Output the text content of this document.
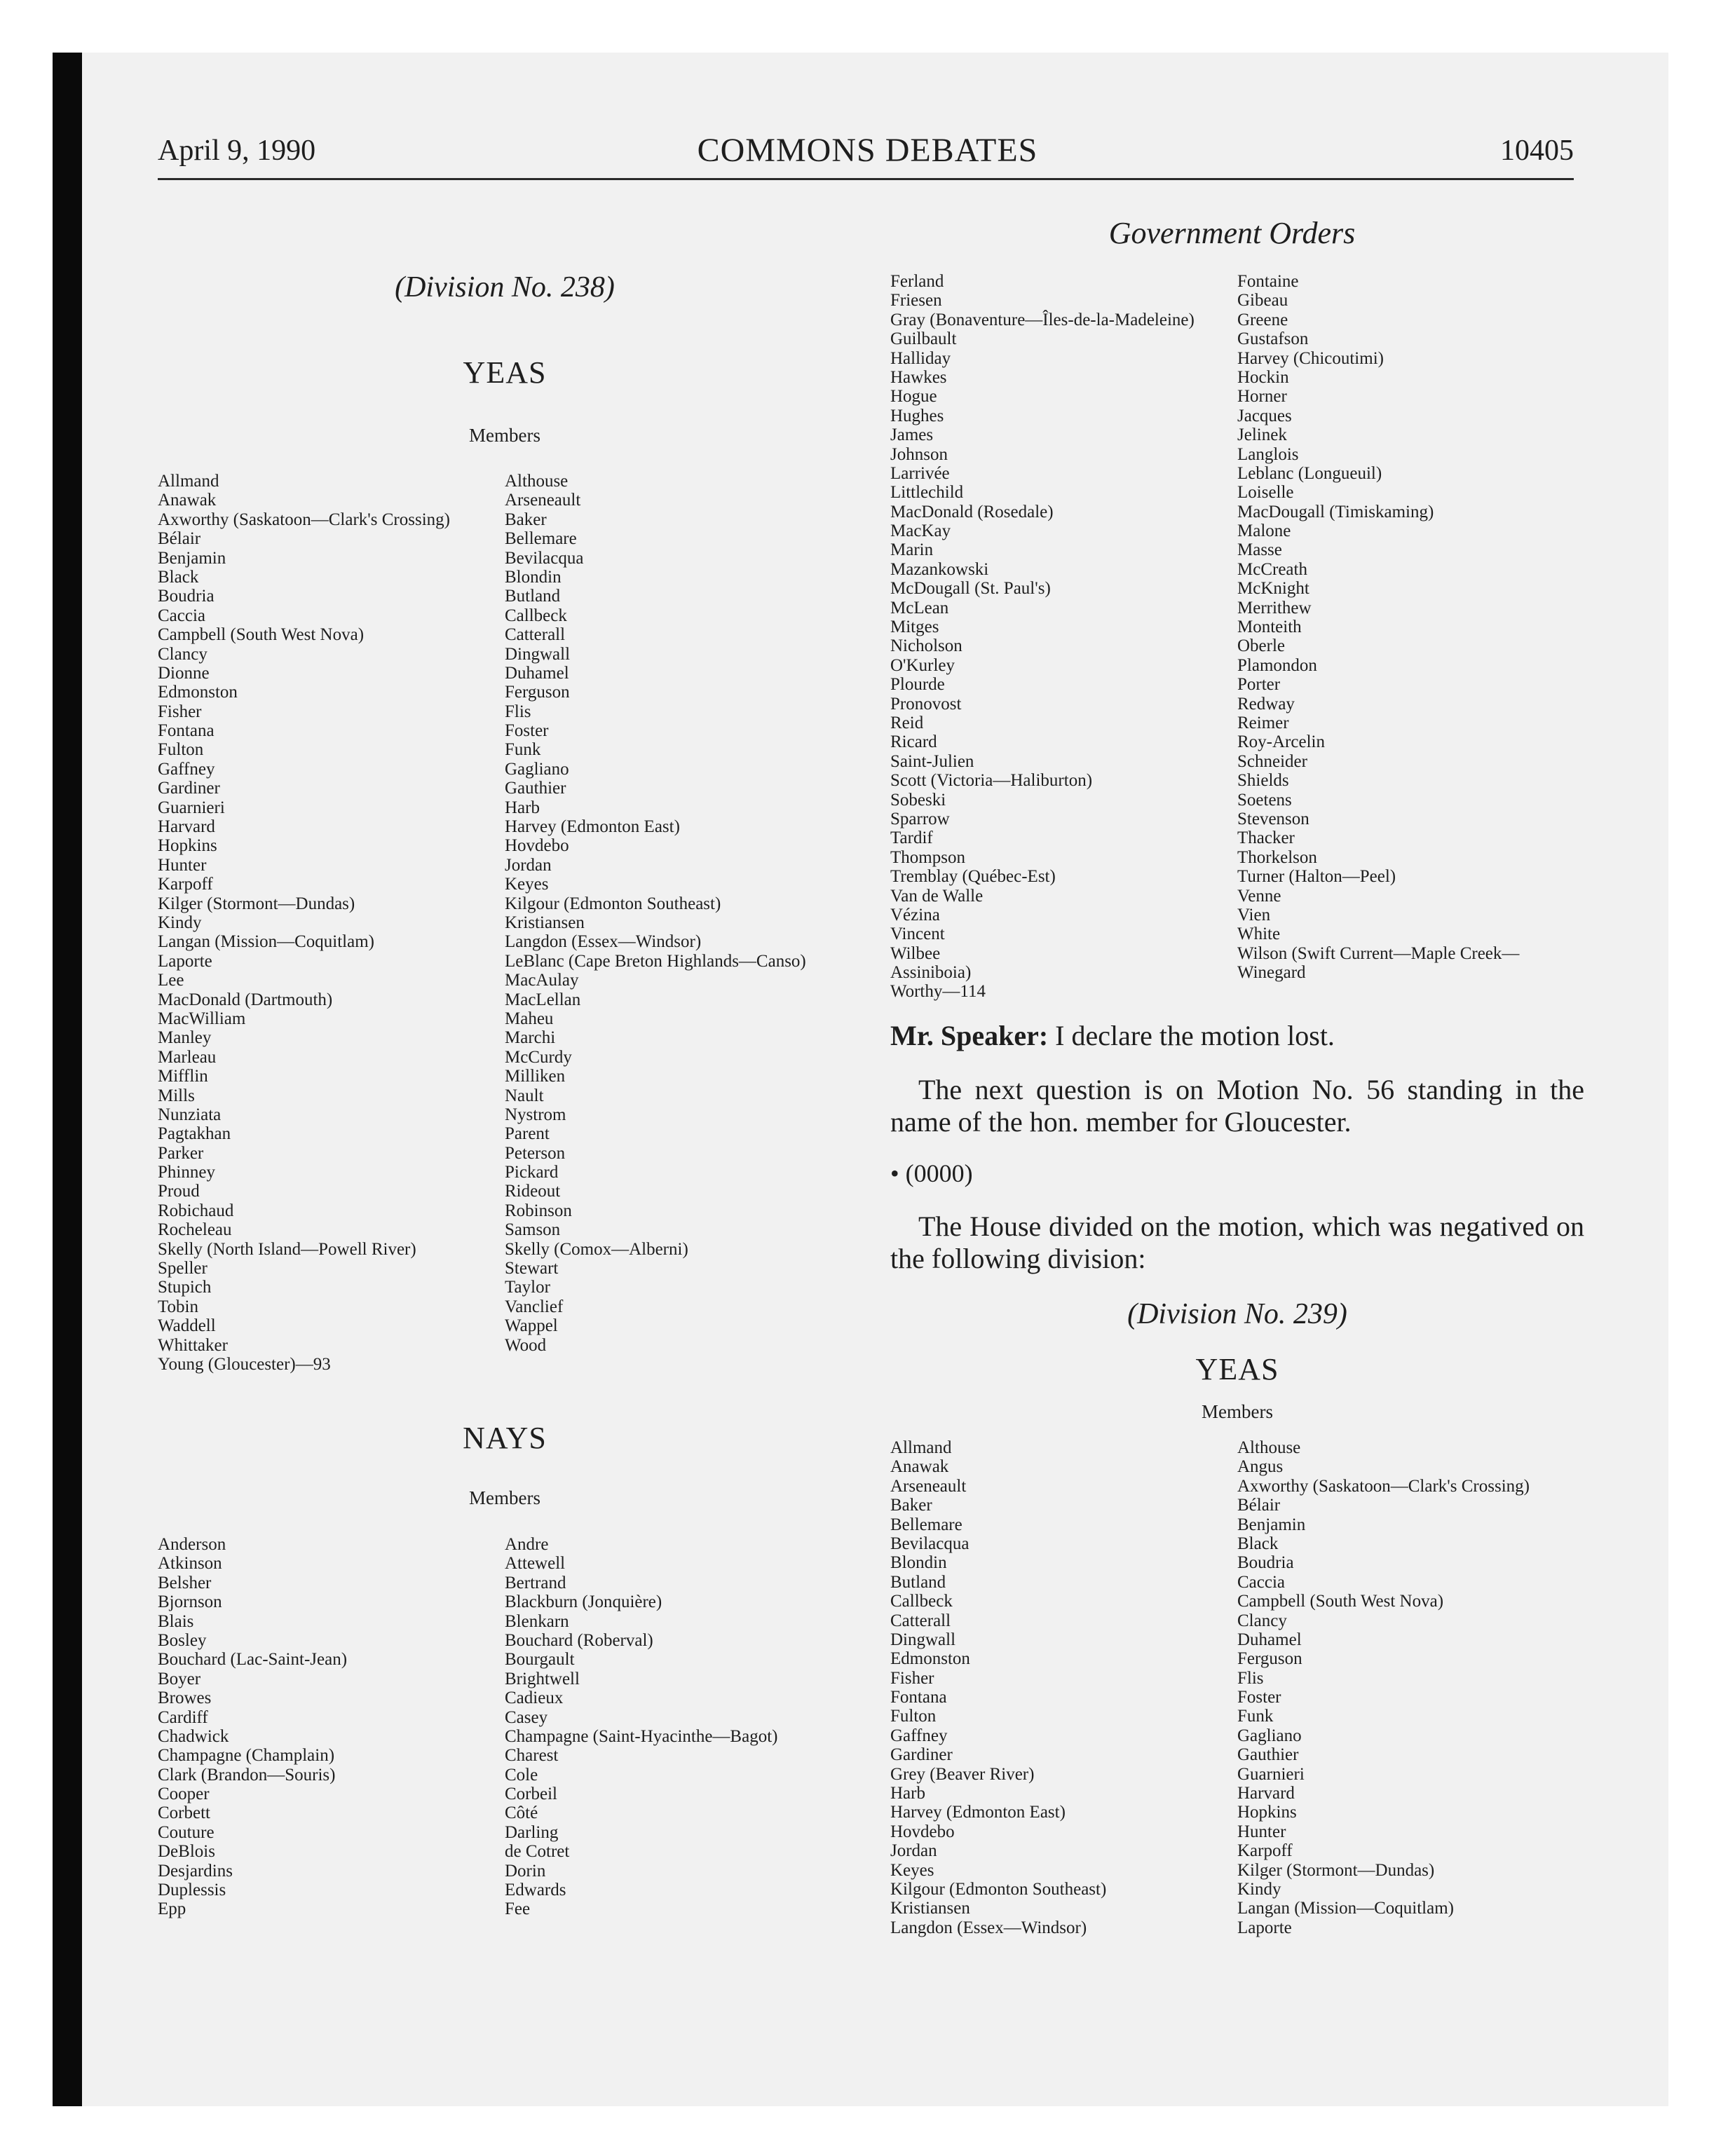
April 9, 1990	COMMONS DEBATES	10405
Government Orders
(Division No. 238)
YEAS
Members
Allmand
Anawak
Axworthy (Saskatoon—Clark's Crossing)
Bélair
Benjamin
Black
Boudria
Caccia
Campbell (South West Nova)
Clancy
Dionne
Edmonston
Fisher
Fontana
Fulton
Gaffney
Gardiner
Guarnieri
Harvard
Hopkins
Hunter
Karpoff
Kilger (Stormont—Dundas)
Kindy
Langan (Mission—Coquitlam)
Laporte
Lee
MacDonald (Dartmouth)
MacWilliam
Manley
Marleau
Mifflin
Mills
Nunziata
Pagtakhan
Parker
Phinney
Proud
Robichaud
Rocheleau
Skelly (North Island—Powell River)
Speller
Stupich
Tobin
Waddell
Whittaker
Young (Gloucester)—93
Althouse
Arseneault
Baker
Bellemare
Bevilacqua
Blondin
Butland
Callbeck
Catterall
Dingwall
Duhamel
Ferguson
Flis
Foster
Funk
Gagliano
Gauthier
Harb
Harvey (Edmonton East)
Hovdebo
Jordan
Keyes
Kilgour (Edmonton Southeast)
Kristiansen
Langdon (Essex—Windsor)
LeBlanc (Cape Breton Highlands—Canso)
MacAulay
MacLellan
Maheu
Marchi
McCurdy
Milliken
Nault
Nystrom
Parent
Peterson
Pickard
Rideout
Robinson
Samson
Skelly (Comox—Alberni)
Stewart
Taylor
Vanclief
Wappel
Wood
NAYS
Members
Anderson
Atkinson
Belsher
Bjornson
Blais
Bosley
Bouchard (Lac-Saint-Jean)
Boyer
Browes
Cardiff
Chadwick
Champagne (Champlain)
Clark (Brandon—Souris)
Cooper
Corbett
Couture
DeBlois
Desjardins
Duplessis
Epp
Andre
Attewell
Bertrand
Blackburn (Jonquière)
Blenkarn
Bouchard (Roberval)
Bourgault
Brightwell
Cadieux
Casey
Champagne (Saint-Hyacinthe—Bagot)
Charest
Cole
Corbeil
Côté
Darling
de Cotret
Dorin
Edwards
Fee
Ferland
Friesen
Gray (Bonaventure—Îles-de-la-Madeleine)
Guilbault
Halliday
Hawkes
Hogue
Hughes
James
Johnson
Larrivée
Littlechild
MacDonald (Rosedale)
MacKay
Marin
Mazankowski
McDougall (St. Paul's)
McLean
Mitges
Nicholson
O'Kurley
Plourde
Pronovost
Reid
Ricard
Saint-Julien
Scott (Victoria—Haliburton)
Sobeski
Sparrow
Tardif
Thompson
Tremblay (Québec-Est)
Van de Walle
Vézina
Vincent
Wilbee
Assiniboia)
Worthy—114
Fontaine
Gibeau
Greene
Gustafson
Harvey (Chicoutimi)
Hockin
Horner
Jacques
Jelinek
Langlois
Leblanc (Longueuil)
Loiselle
MacDougall (Timiskaming)
Malone
Masse
McCreath
McKnight
Merrithew
Monteith
Oberle
Plamondon
Porter
Redway
Reimer
Roy-Arcelin
Schneider
Shields
Soetens
Stevenson
Thacker
Thorkelson
Turner (Halton—Peel)
Venne
Vien
White
Wilson (Swift Current—Maple Creek—
Winegard

Mr. Speaker: I declare the motion lost.

The next question is on Motion No. 56 standing in the name of the hon. member for Gloucester.

• (0000)

The House divided on the motion, which was negatived on the following division:

(Division No. 239)
YEAS
Members
Allmand
Anawak
Arseneault
Baker
Bellemare
Bevilacqua
Blondin
Butland
Callbeck
Catterall
Dingwall
Edmonston
Fisher
Fontana
Fulton
Gaffney
Gardiner
Grey (Beaver River)
Harb
Harvey (Edmonton East)
Hovdebo
Jordan
Keyes
Kilgour (Edmonton Southeast)
Kristiansen
Langdon (Essex—Windsor)
Althouse
Angus
Axworthy (Saskatoon—Clark's Crossing)
Bélair
Benjamin
Black
Boudria
Caccia
Campbell (South West Nova)
Clancy
Duhamel
Ferguson
Flis
Foster
Funk
Gagliano
Gauthier
Guarnieri
Harvard
Hopkins
Hunter
Karpoff
Kilger (Stormont—Dundas)
Kindy
Langan (Mission—Coquitlam)
Laporte
